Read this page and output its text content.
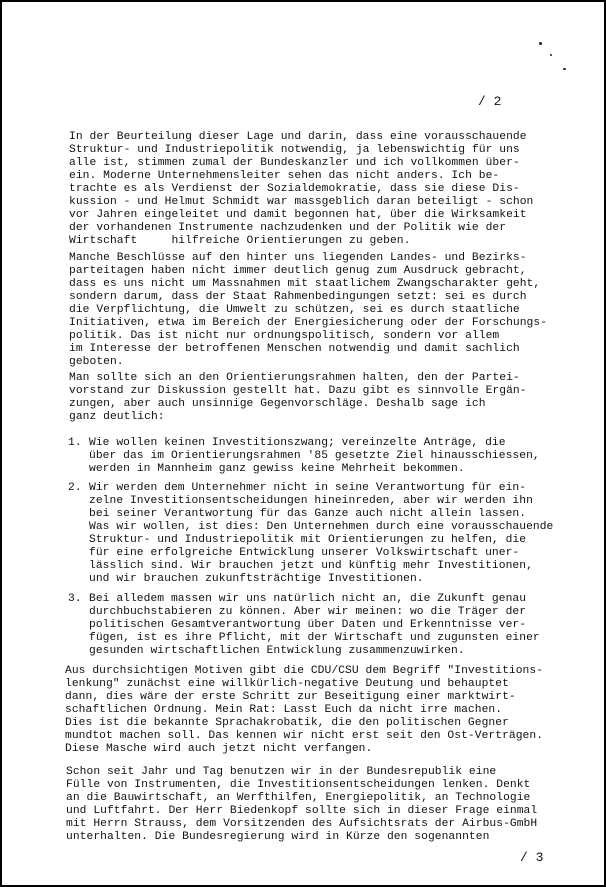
/ 2
In der Beurteilung dieser Lage und darin, dass eine vorausschauende
Struktur- und Industriepolitik notwendig, ja lebenswichtig für uns
alle ist, stimmen zumal der Bundeskanzler und ich vollkommen über-
ein. Moderne Unternehmensleiter sehen das nicht anders. Ich be-
trachte es als Verdienst der Sozialdemokratie, dass sie diese Dis-
kussion - und Helmut Schmidt war massgeblich daran beteiligt - schon
vor Jahren eingeleitet und damit begonnen hat, über die Wirksamkeit
der vorhandenen Instrumente nachzudenken und der Politik wie der
Wirtschaft     hilfreiche Orientierungen zu geben.
Manche Beschlüsse auf den hinter uns liegenden Landes- und Bezirks-
parteitagen haben nicht immer deutlich genug zum Ausdruck gebracht,
dass es uns nicht um Massnahmen mit staatlichem Zwangscharakter geht,
sondern darum, dass der Staat Rahmenbedingungen setzt: sei es durch
die Verpflichtung, die Umwelt zu schützen, sei es durch staatliche
Initiativen, etwa im Bereich der Energiesicherung oder der Forschungs-
politik. Das ist nicht nur ordnungspolitisch, sondern vor allem
im Interesse der betroffenen Menschen notwendig und damit sachlich
geboten.
Man sollte sich an den Orientierungsrahmen halten, den der Partei-
vorstand zur Diskussion gestellt hat. Dazu gibt es sinnvolle Ergän-
zungen, aber auch unsinnige Gegenvorschläge. Deshalb sage ich
ganz deutlich:
1. Wie wollen keinen Investitionszwang; vereinzelte Anträge, die
über das im Orientierungsrahmen '85 gesetzte Ziel hinausschiessen,
werden in Mannheim ganz gewiss keine Mehrheit bekommen.
2. Wir werden dem Unternehmer nicht in seine Verantwortung für ein-
zelne Investitionsentscheidungen hineinreden, aber wir werden ihn
bei seiner Verantwortung für das Ganze auch nicht allein lassen.
Was wir wollen, ist dies: Den Unternehmen durch eine vorausschauende
Struktur- und Industriepolitik mit Orientierungen zu helfen, die
für eine erfolgreiche Entwicklung unserer Volkswirtschaft uner-
lässlich sind. Wir brauchen jetzt und künftig mehr Investitionen,
und wir brauchen zukunftsträchtige Investitionen.
3. Bei alledem massen wir uns natürlich nicht an, die Zukunft genau
durchbuchstabieren zu können. Aber wir meinen: wo die Träger der
politischen Gesamtverantwortung über Daten und Erkenntnisse ver-
fügen, ist es ihre Pflicht, mit der Wirtschaft und zugunsten einer
gesunden wirtschaftlichen Entwicklung zusammenzuwirken.
Aus durchsichtigen Motiven gibt die CDU/CSU dem Begriff "Investitions-
lenkung" zunächst eine willkürlich-negative Deutung und behauptet
dann, dies wäre der erste Schritt zur Beseitigung einer marktwirt-
schaftlichen Ordnung. Mein Rat: Lasst Euch da nicht irre machen.
Dies ist die bekannte Sprachakrobatik, die den politischen Gegner
mundtot machen soll. Das kennen wir nicht erst seit den Ost-Verträgen.
Diese Masche wird auch jetzt nicht verfangen.
Schon seit Jahr und Tag benutzen wir in der Bundesrepublik eine
Fülle von Instrumenten, die Investitionsentscheidungen lenken. Denkt
an die Bauwirtschaft, an Werfthilfen, Energiepolitik, an Technologie
und Luftfahrt. Der Herr Biedenkopf sollte sich in dieser Frage einmal
mit Herrn Strauss, dem Vorsitzenden des Aufsichtsrats der Airbus-GmbH
unterhalten. Die Bundesregierung wird in Kürze den sogenannten
/ 3
